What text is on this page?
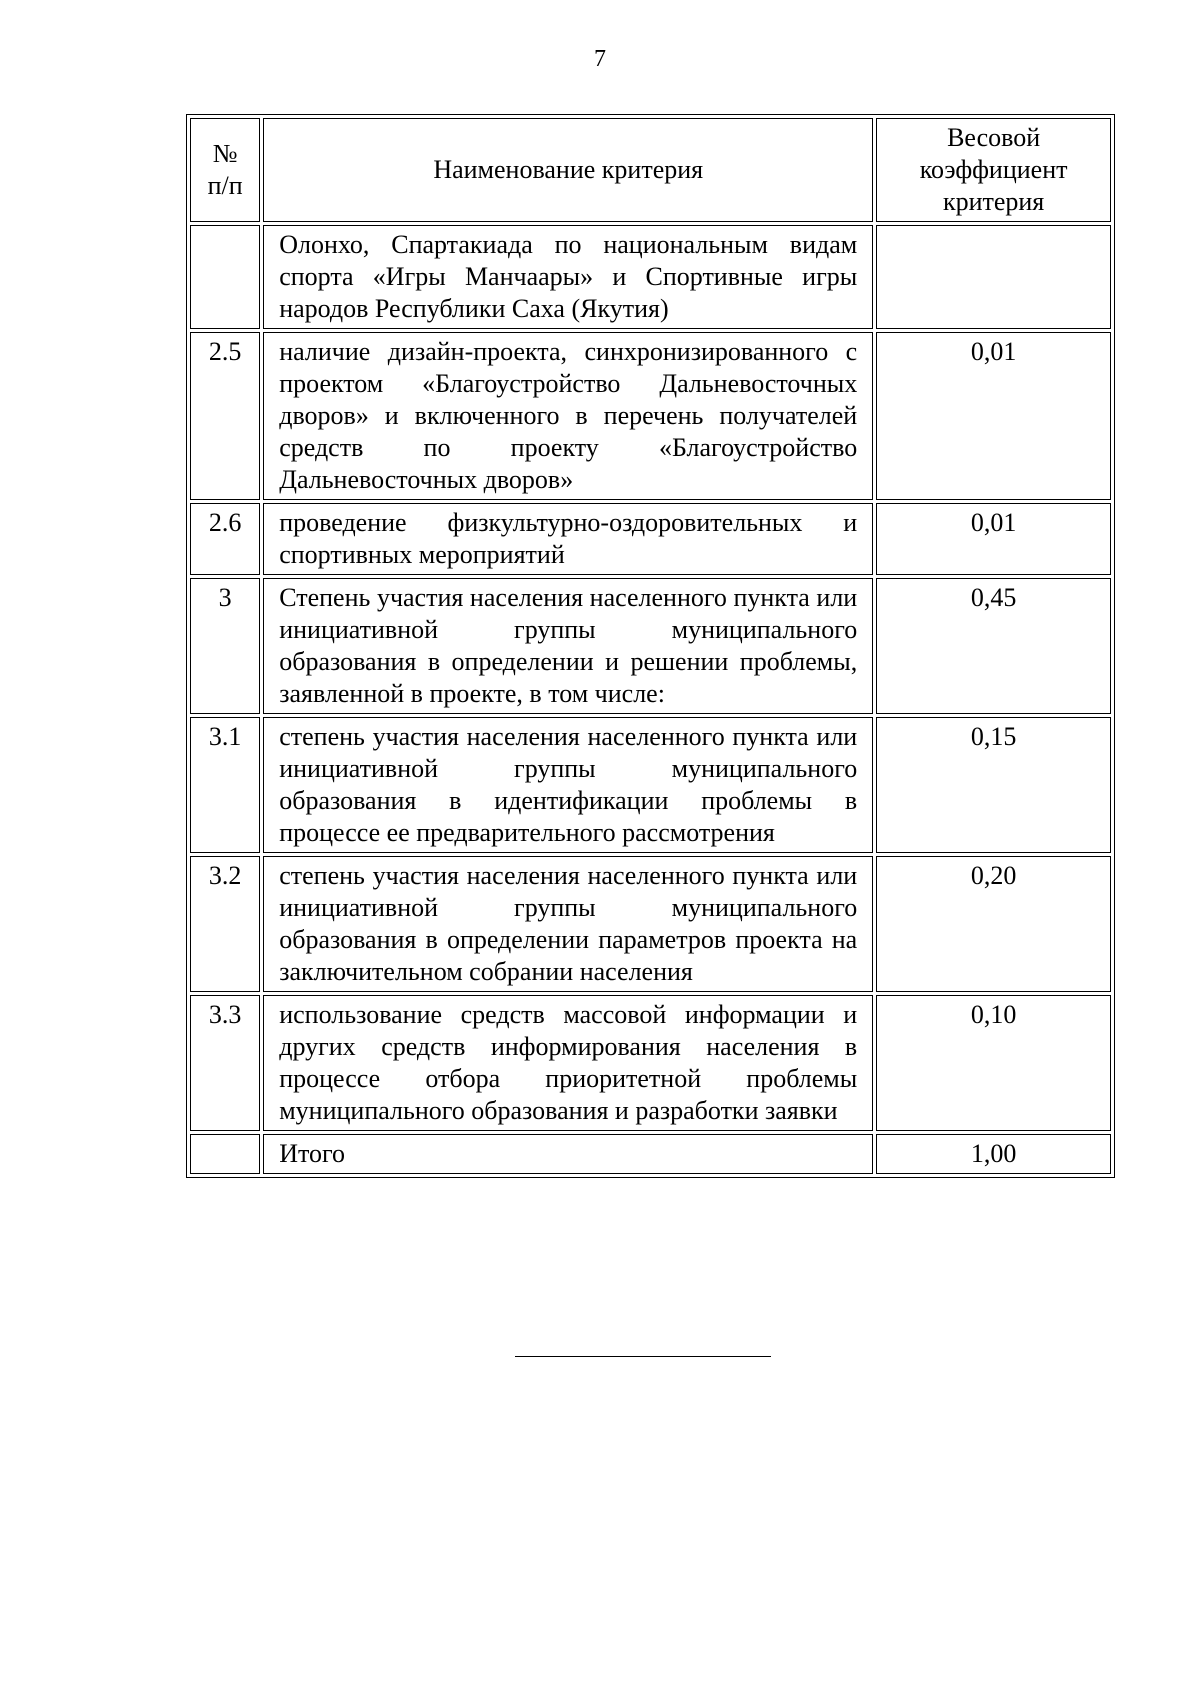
7
№
п/п	Наименование критерия	Весовой коэффициент критерия
	Олонхо, Спартакиада по национальным видам спорта «Игры Манчаары» и Спортивные игры народов Республики Саха (Якутия)	
2.5	наличие дизайн-проекта, синхронизированного с проектом «Благоустройство Дальневосточных дворов» и включенного в перечень получателей средств по проекту «Благоустройство Дальневосточных дворов»	0,01
2.6	проведение физкультурно-оздоровительных и спортивных мероприятий	0,01
3	Степень участия населения населенного пункта или инициативной группы муниципального образования в определении и решении проблемы, заявленной в проекте, в том числе:	0,45
3.1	степень участия населения населенного пункта или инициативной группы муниципального образования в идентификации проблемы в процессе ее предварительного рассмотрения	0,15
3.2	степень участия населения населенного пункта или инициативной группы муниципального образования в определении параметров проекта на заключительном собрании населения	0,20
3.3	использование средств массовой информации и других средств информирования населения в процессе отбора приоритетной проблемы муниципального образования и разработки заявки	0,10
	Итого	1,00
